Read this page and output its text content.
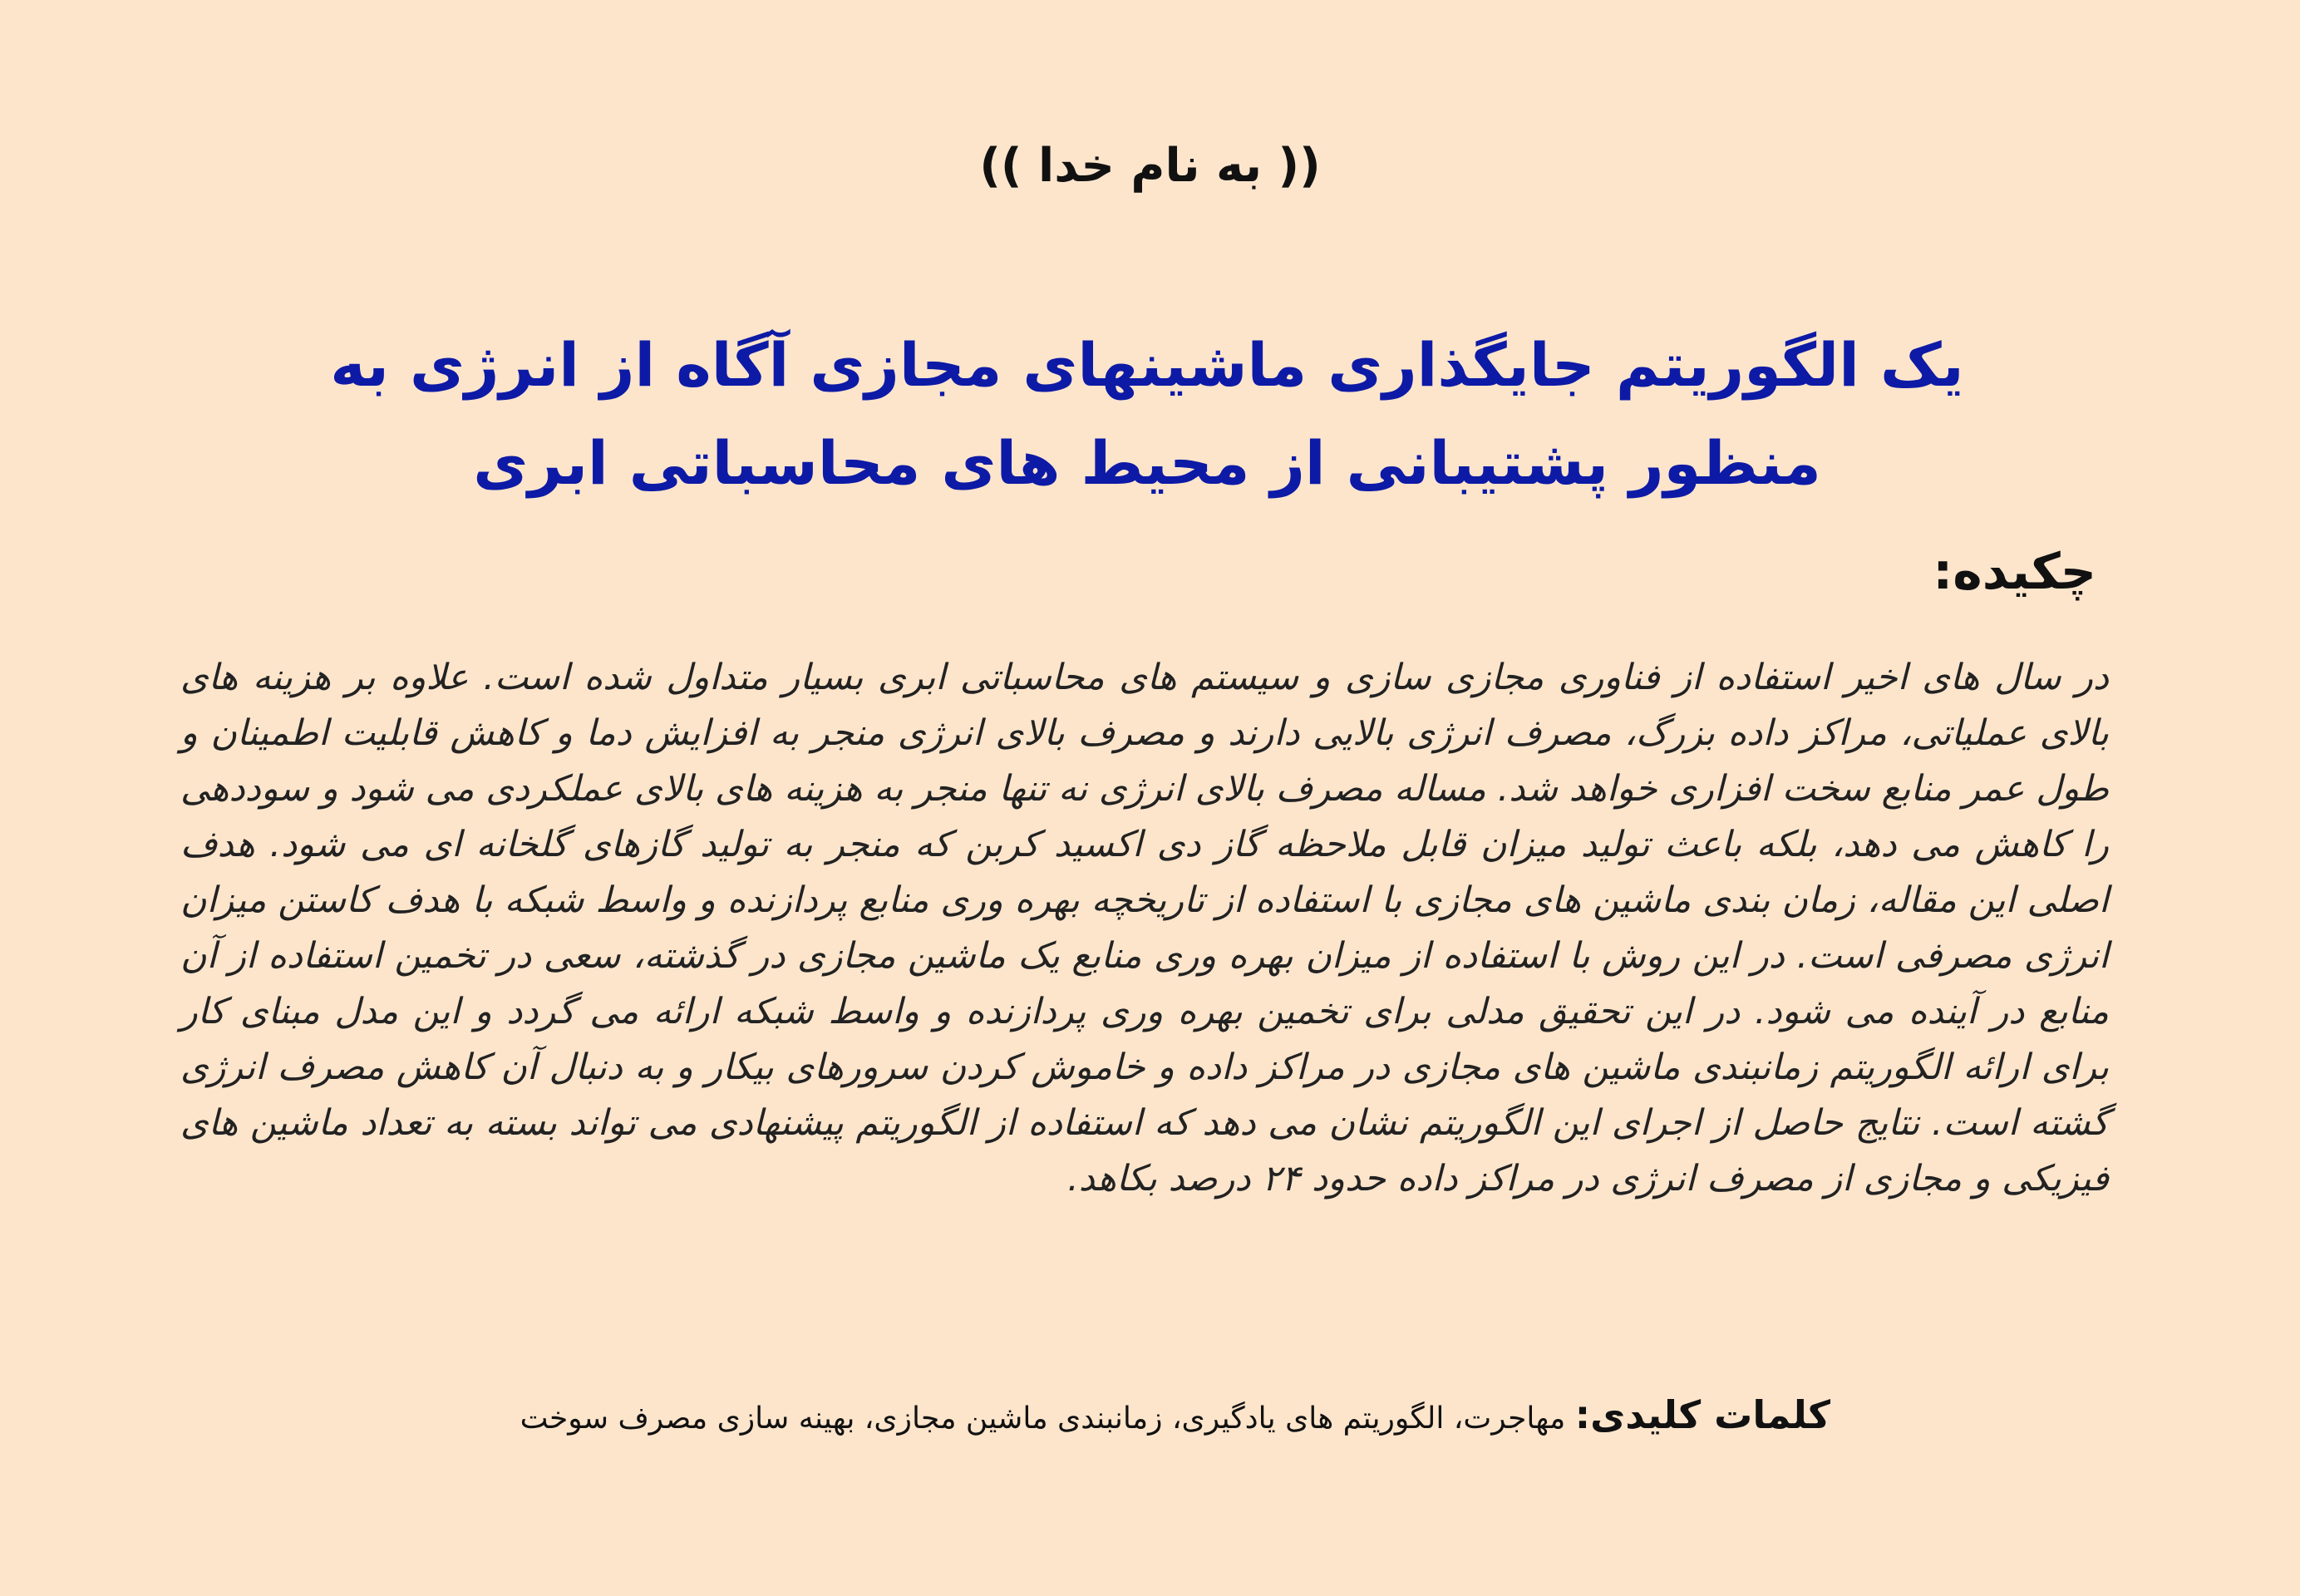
(( به نام خدا ))
یک الگوریتم جایگذاری ماشینهای مجازی آگاه از انرژی به منظور پشتیبانی از محیط های محاسباتی ابری
چکیده:
در سال های اخیر استفاده از فناوری مجازی سازی و سیستم های محاسباتی ابری بسیار متداول شده است. علاوه بر هزینه های بالای عملیاتی، مراکز داده بزرگ، مصرف انرژی بالایی دارند و مصرف بالای انرژی منجر به افزایش دما و کاهش قابلیت اطمینان و طول عمر منابع سخت افزاری خواهد شد. مساله مصرف بالای انرژی نه تنها منجر به هزینه های بالای عملکردی می شود و سوددهی را کاهش می دهد، بلکه باعث تولید میزان قابل ملاحظه گاز دی اکسید کربن که منجر به تولید گازهای گلخانه ای می شود. هدف اصلی این مقاله، زمان بندی ماشین های مجازی با استفاده از تاریخچه بهره وری منابع پردازنده و واسط شبکه با هدف کاستن میزان انرژی مصرفی است. در این روش با استفاده از میزان بهره وری منابع یک ماشین مجازی در گذشته، سعی در تخمین استفاده از آن منابع در آینده می شود. در این تحقیق مدلی برای تخمین بهره وری پردازنده و واسط شبکه ارائه می گردد و این مدل مبنای کار برای ارائه الگوریتم زمانبندی ماشین های مجازی در مراکز داده و خاموش کردن سرورهای بیکار و به دنبال آن کاهش مصرف انرژی گشته است. نتایج حاصل از اجرای این الگوریتم نشان می دهد که استفاده از الگوریتم پیشنهادی می تواند بسته به تعداد ماشین های فیزیکی و مجازی از مصرف انرژی در مراکز داده حدود ۲۴ درصد بکاهد.
کلمات کلیدی: مهاجرت، الگوریتم های یادگیری، زمانبندی ماشین مجازی، بهینه سازی مصرف سوخت
